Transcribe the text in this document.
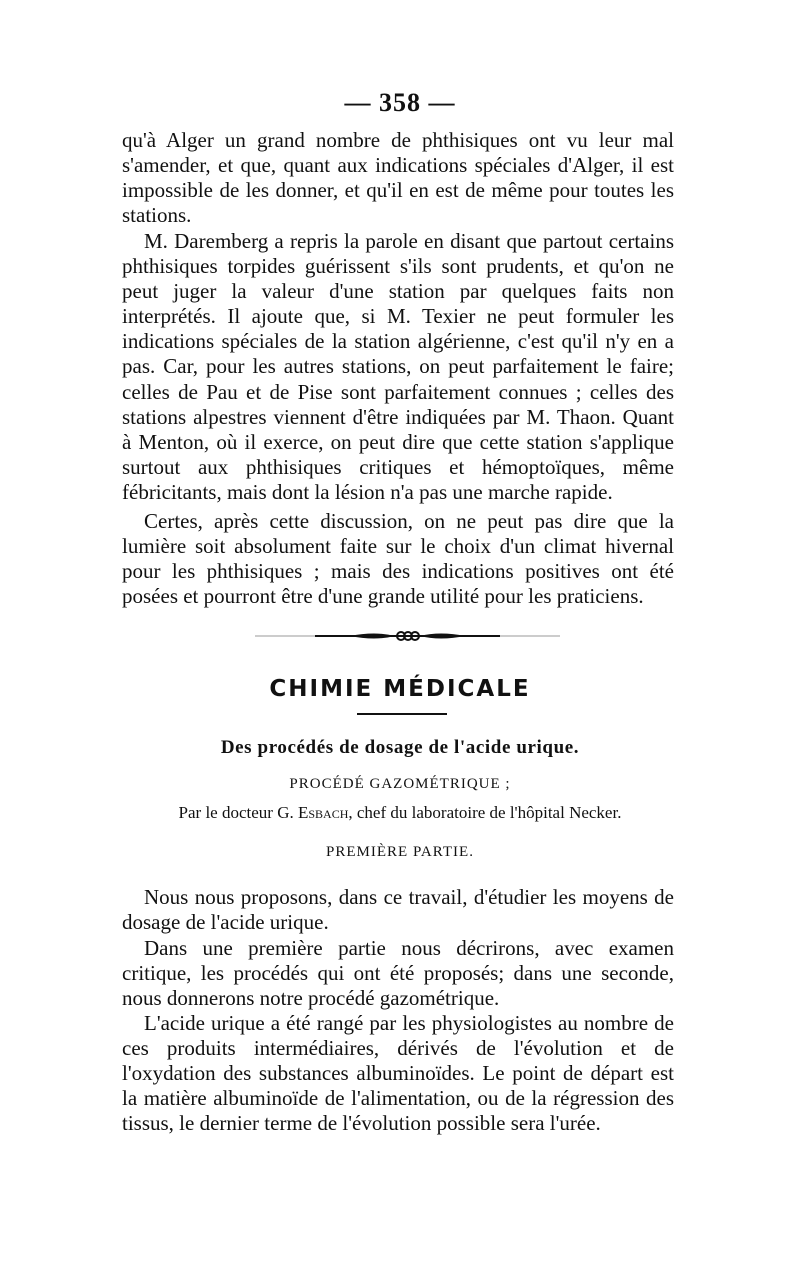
— 358 —

qu'à Alger un grand nombre de phthisiques ont vu leur mal s'amender, et que, quant aux indications spéciales d'Alger, il est impossible de les donner, et qu'il en est de même pour toutes les stations.

M. Daremberg a repris la parole en disant que partout certains phthisiques torpides guérissent s'ils sont prudents, et qu'on ne peut juger la valeur d'une station par quelques faits non interprétés. Il ajoute que, si M. Texier ne peut formuler les indications spéciales de la station algérienne, c'est qu'il n'y en a pas. Car, pour les autres stations, on peut parfaitement le faire; celles de Pau et de Pise sont parfaitement connues ; celles des stations alpestres viennent d'être indiquées par M. Thaon. Quant à Menton, où il exerce, on peut dire que cette station s'applique surtout aux phthisiques critiques et hémoptoïques, même fébricitants, mais dont la lésion n'a pas une marche rapide.

Certes, après cette discussion, on ne peut pas dire que la lumière soit absolument faite sur le choix d'un climat hivernal pour les phthisiques ; mais des indications positives ont été posées et pourront être d'une grande utilité pour les praticiens.

CHIMIE MÉDICALE
Des procédés de dosage de l'acide urique.
PROCÉDÉ GAZOMÉTRIQUE ;
Par le docteur G. Esbach, chef du laboratoire de l'hôpital Necker.
PREMIÈRE PARTIE.

Nous nous proposons, dans ce travail, d'étudier les moyens de dosage de l'acide urique.

Dans une première partie nous décrirons, avec examen critique, les procédés qui ont été proposés; dans une seconde, nous donnerons notre procédé gazométrique.

L'acide urique a été rangé par les physiologistes au nombre de ces produits intermédiaires, dérivés de l'évolution et de l'oxydation des substances albuminoïdes. Le point de départ est la matière albuminoïde de l'alimentation, ou de la régression des tissus, le dernier terme de l'évolution possible sera l'urée.
